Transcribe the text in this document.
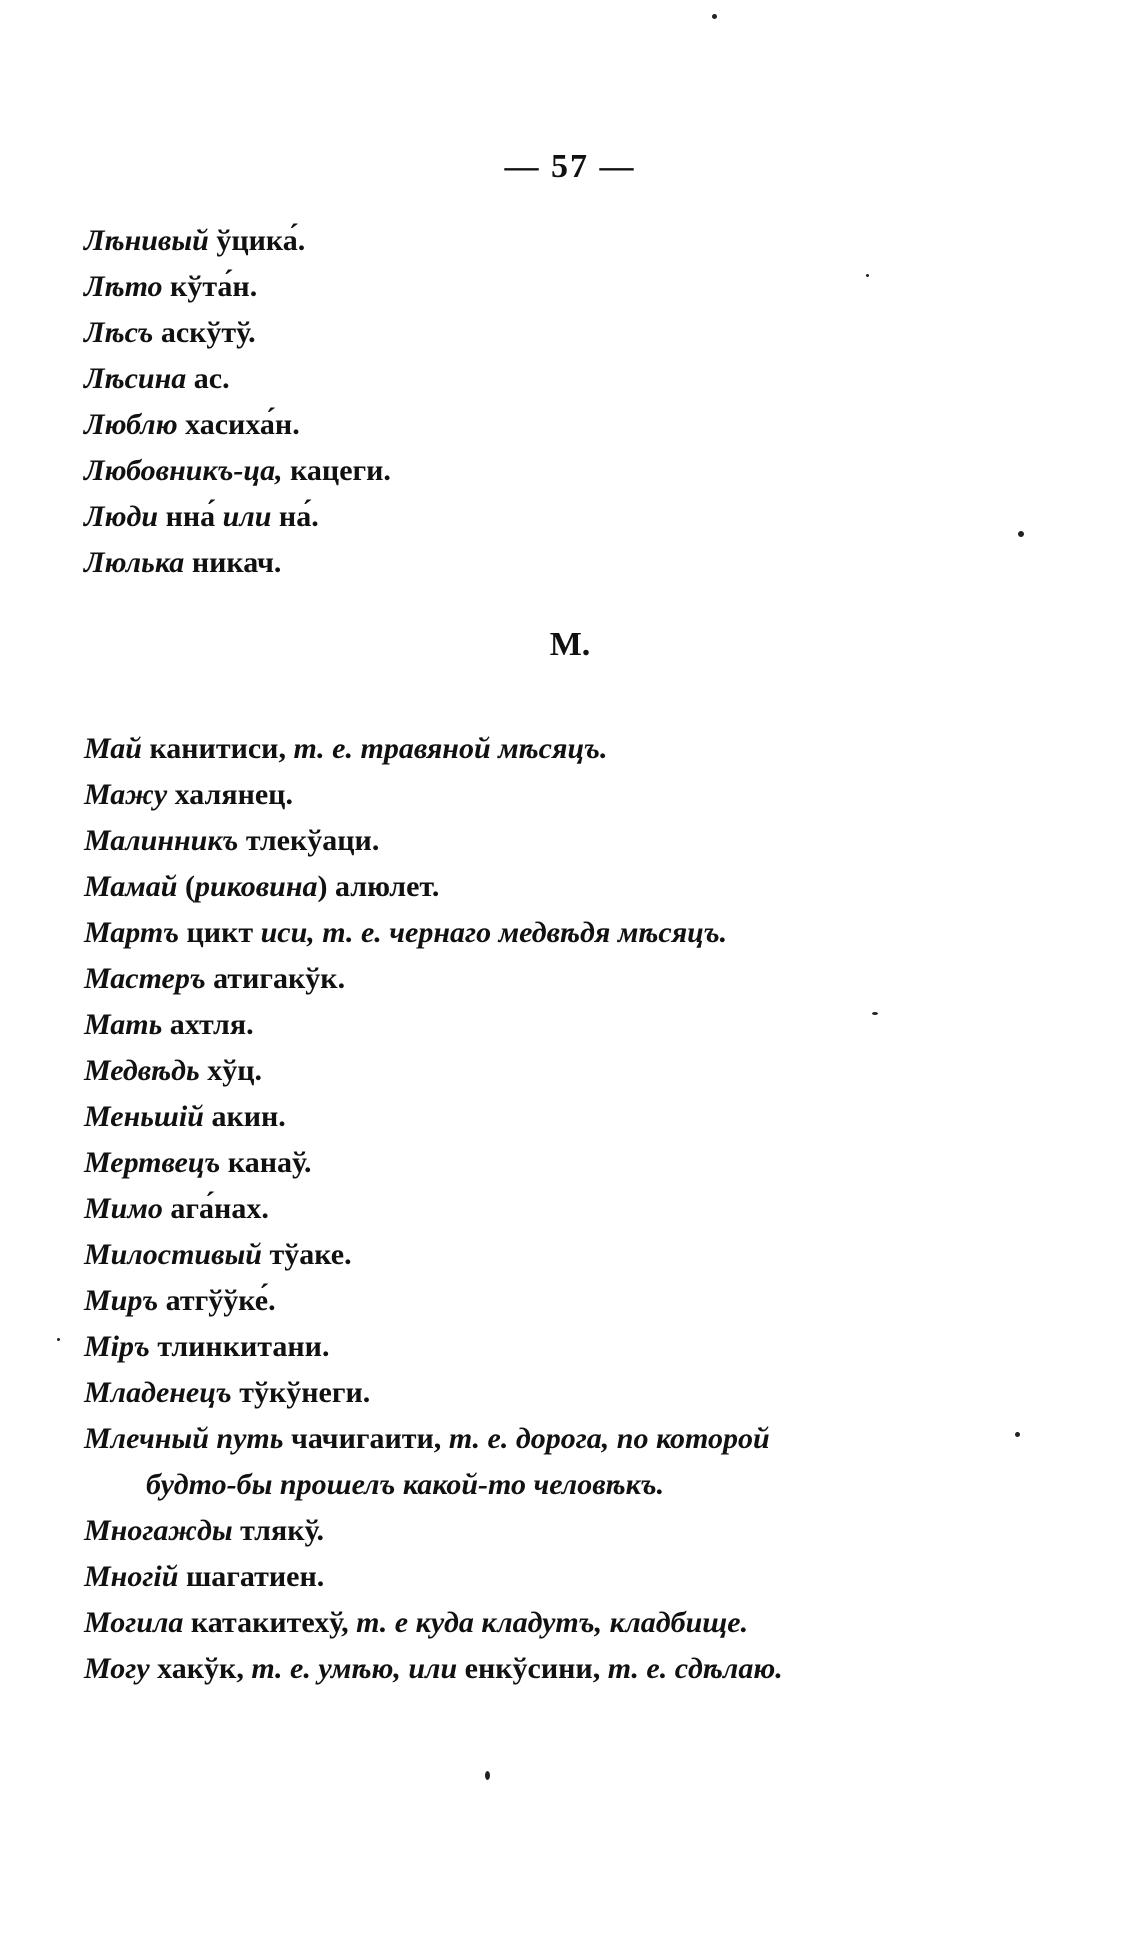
— 57 —
Лѣнивый ўцика́.
Лѣто кўта́н.
Лѣсъ аскўтў.
Лѣсина ас.
Люблю хасиха́н.
Любовникъ-ца, кацеги.
Люди нна́ или на́.
Люлька никач.
М.
Май канитиси, т. е. травяной мѣсяцъ.
Мажу халянец.
Малинникъ тлекўаци.
Мамай (риковина) алюлет.
Мартъ цикт иси, т. е. чернаго медвѣдя мѣсяцъ.
Мастеръ атигакўк.
Мать ахтля.
Медвѣдь хўц.
Меньшій акин.
Мертвецъ канаў.
Мимо ага́нах.
Милостивый тўаке.
Миръ атгўўке́.
Міръ тлинкитани.
Младенецъ тўкўнеги.
Млечный путь чачигаити, т. е. дорога, по которой
будто-бы прошелъ какой-то человѣкъ.
Многажды тлякў.
Многій шагатиен.
Могила катакитехў, т. е куда кладутъ, кладбище.
Могу хакўк, т. е. умѣю, или енкўсини, т. е. сдѣлаю.
